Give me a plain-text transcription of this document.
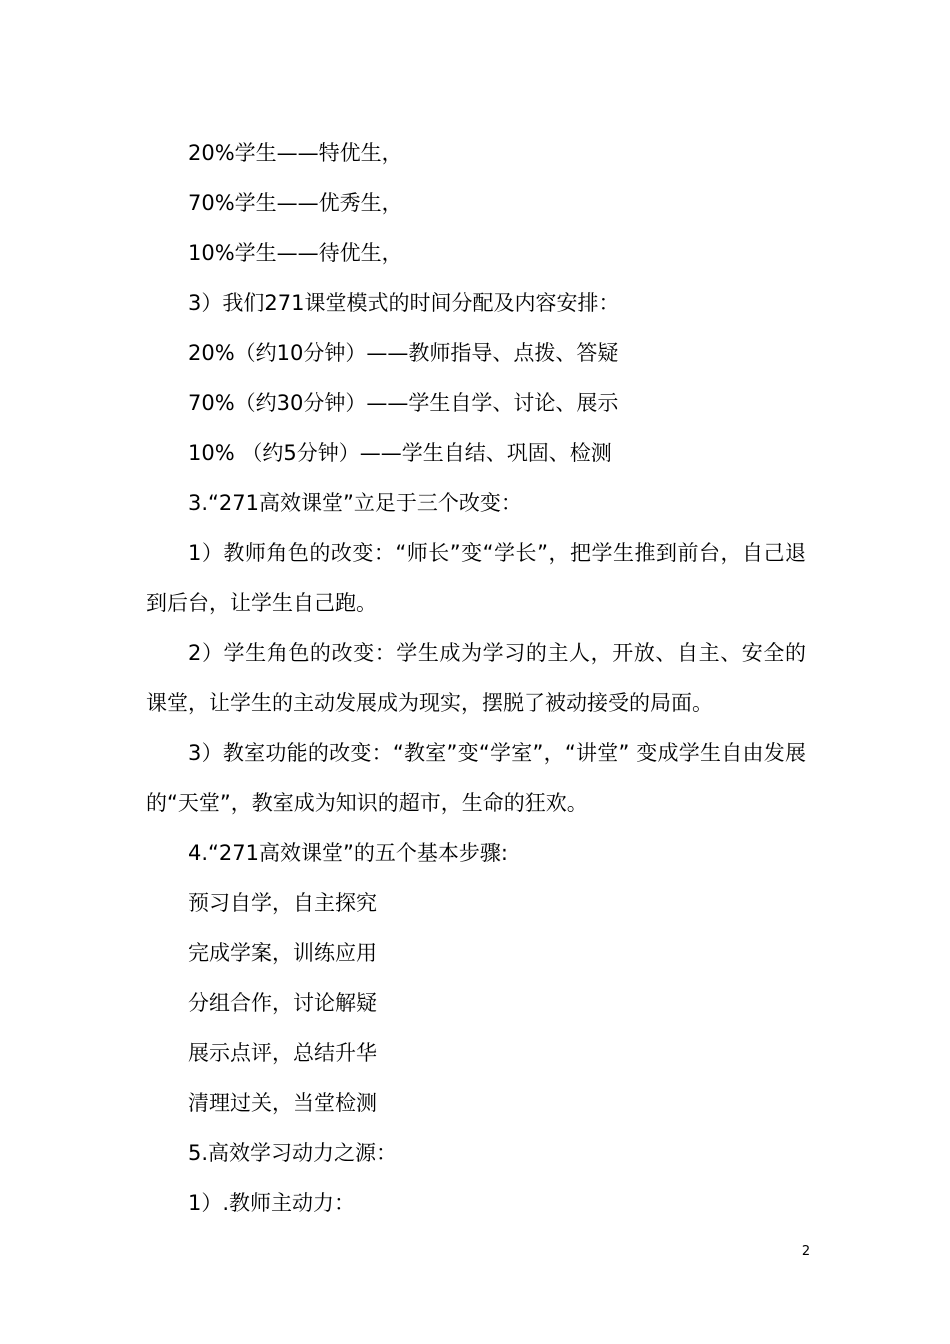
20%学生——特优生，

70%学生——优秀生，

10%学生——待优生，

3）我们271课堂模式的时间分配及内容安排：

20%（约10分钟）——教师指导、点拨、答疑

70%（约30分钟）——学生自学、讨论、展示

10% （约5分钟）——学生自结、巩固、检测

3.“271高效课堂”立足于三个改变：

1）教师角色的改变：“师长”变“学长”，把学生推到前台，自己退到后台，让学生自己跑。

2）学生角色的改变：学生成为学习的主人，开放、自主、安全的课堂，让学生的主动发展成为现实，摆脱了被动接受的局面。

3）教室功能的改变：“教室”变“学室”，“讲堂” 变成学生自由发展的“天堂”，教室成为知识的超市，生命的狂欢。

4.“271高效课堂”的五个基本步骤:

预习自学，自主探究

完成学案，训练应用

分组合作，讨论解疑

展示点评，总结升华

清理过关，当堂检测

5.高效学习动力之源：

1）.教师主动力：

2
